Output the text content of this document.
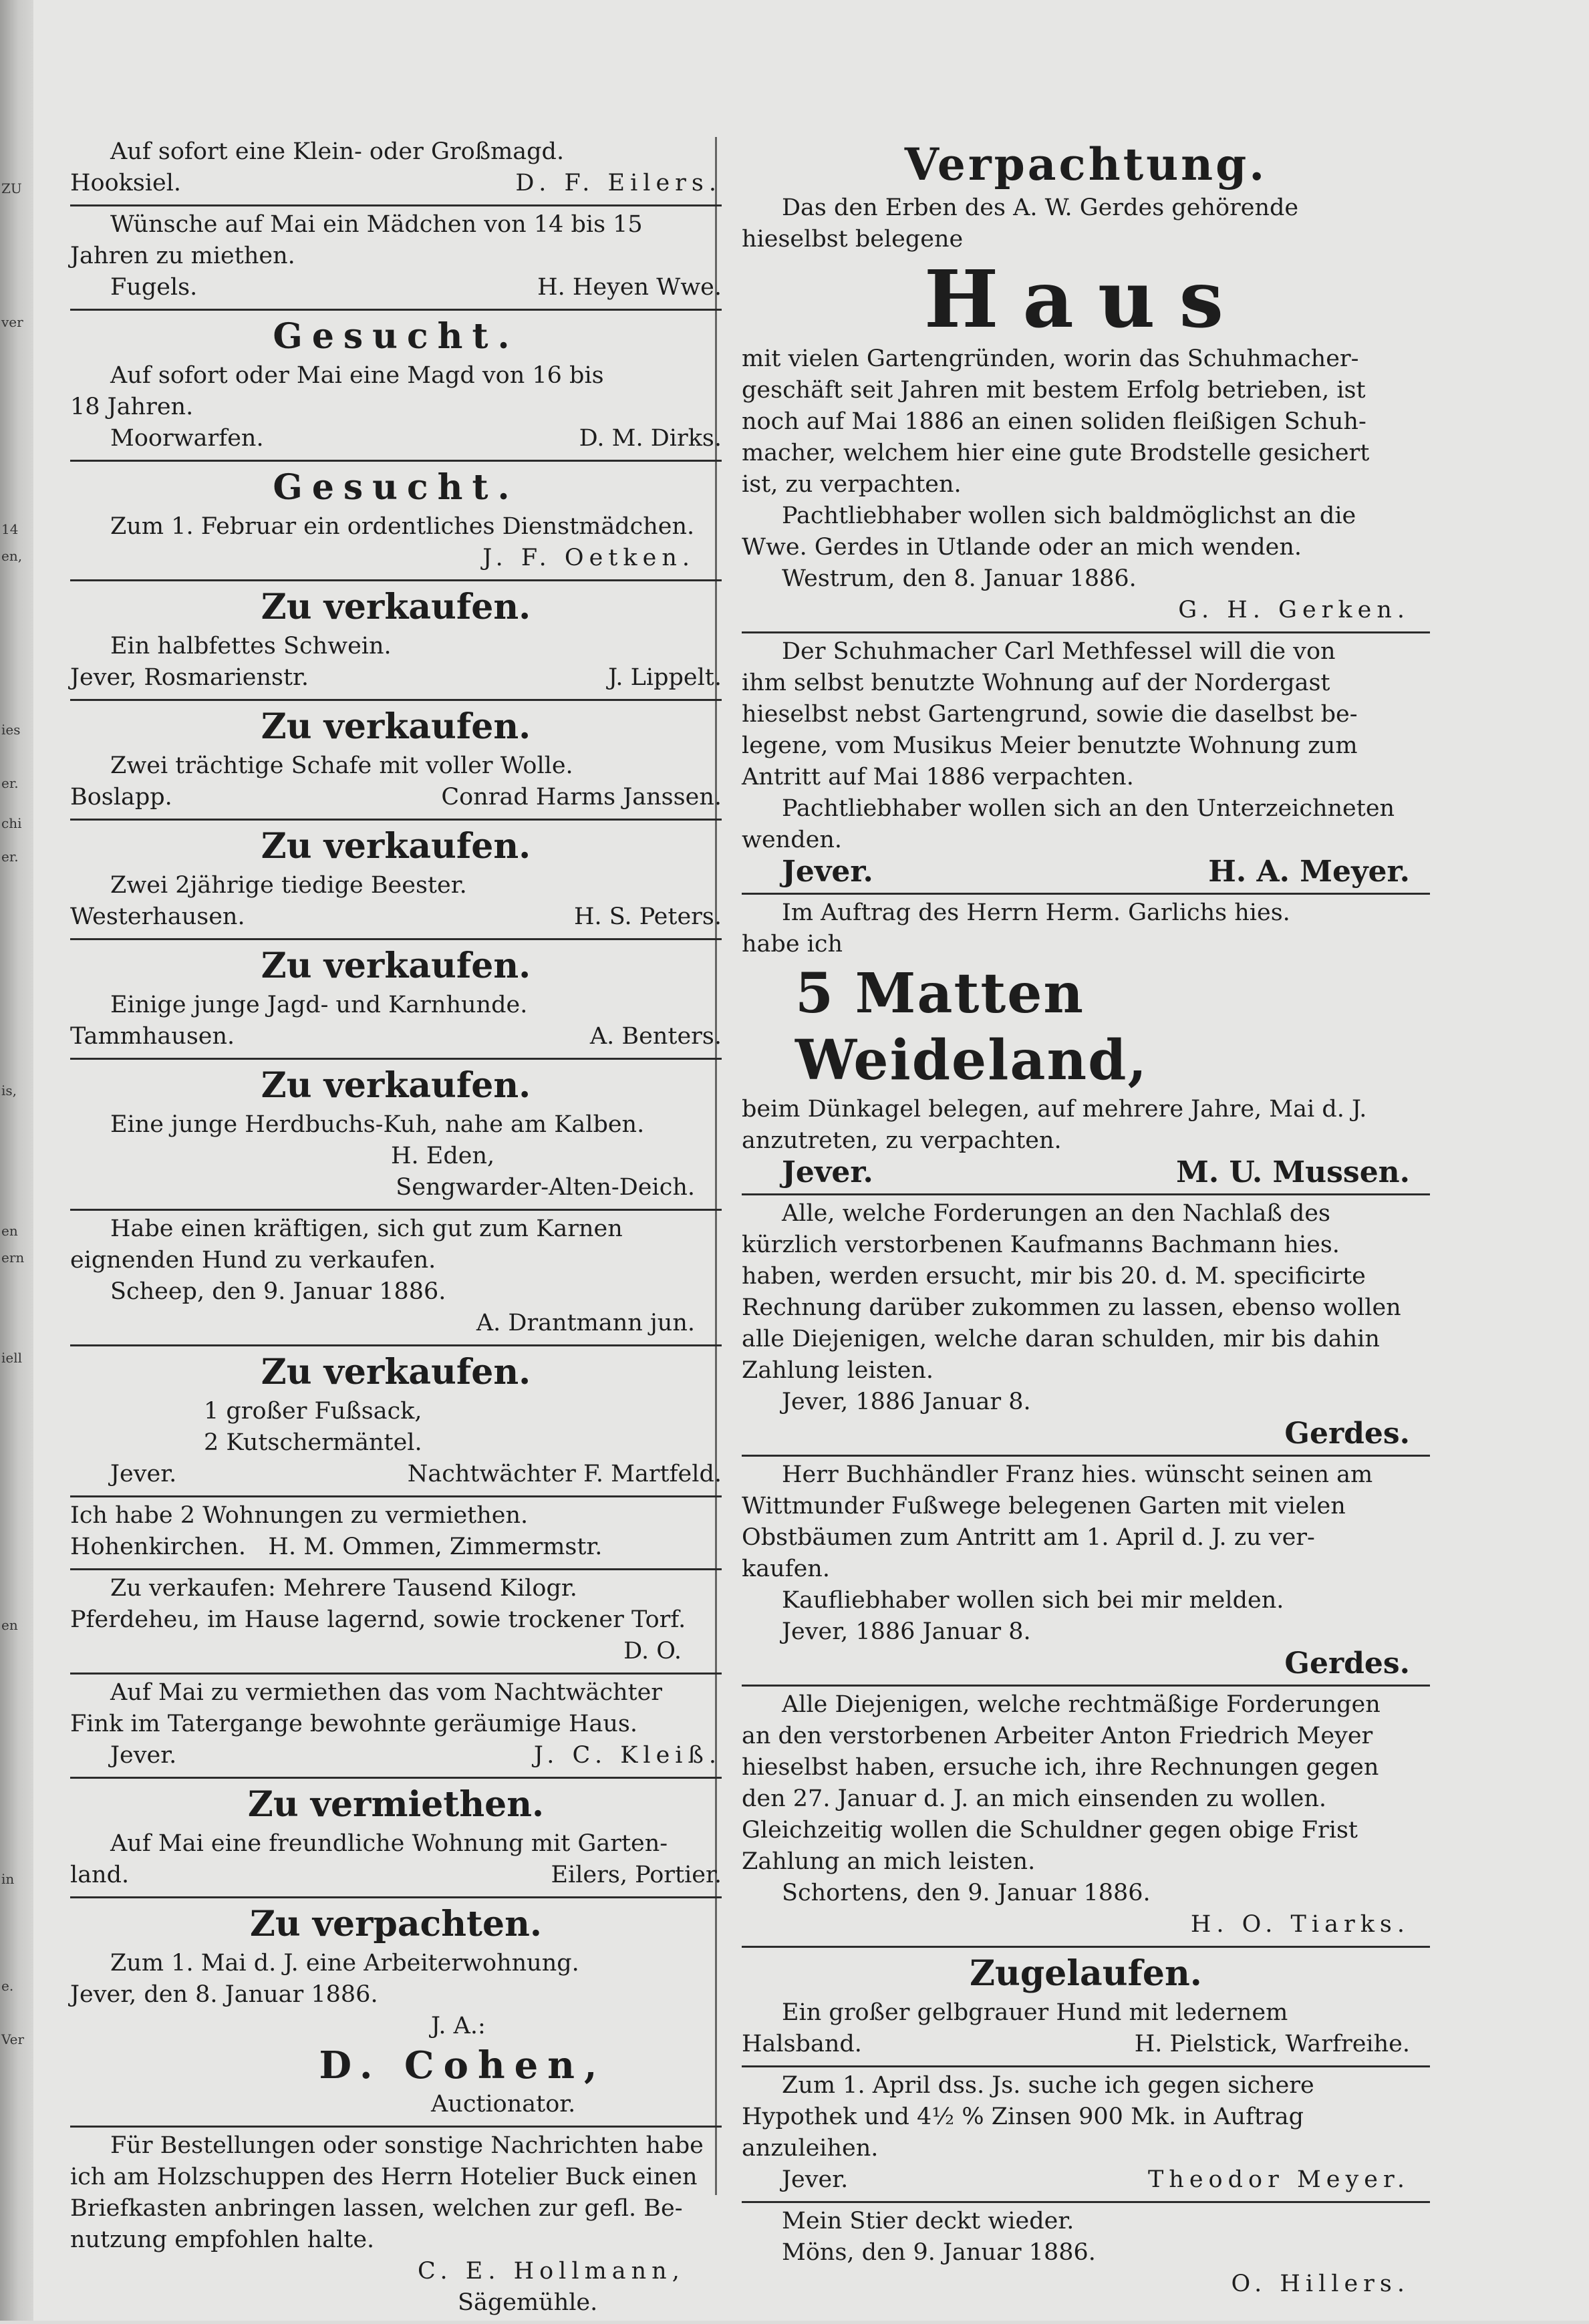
ZU
ver
14
en,
ies
er.
chi
er.
is,
en
ern
iell
en
in
e.
Ver
Auf sofort eine Klein- oder Großmagd.
Hooksiel.	D. F. Eilers.
Wünsche auf Mai ein Mädchen von 14 bis 15
Jahren zu miethen.
Fugels.	H. Heyen Wwe.
Gesucht.
Auf sofort oder Mai eine Magd von 16 bis
18 Jahren.
Moorwarfen.	D. M. Dirks.
Gesucht.
Zum 1. Februar ein ordentliches Dienstmädchen.
J. F. Oetken.
Zu verkaufen.
Ein halbfettes Schwein.
Jever, Rosmarienstr.	J. Lippelt.
Zu verkaufen.
Zwei trächtige Schafe mit voller Wolle.
Boslapp.	Conrad Harms Janssen.
Zu verkaufen.
Zwei 2jährige tiedige Beester.
Westerhausen.	H. S. Peters.
Zu verkaufen.
Einige junge Jagd- und Karnhunde.
Tammhausen.	A. Benters.
Zu verkaufen.
Eine junge Herdbuchs-Kuh, nahe am Kalben.
H. Eden,
Sengwarder-Alten-Deich.
Habe einen kräftigen, sich gut zum Karnen
eignenden Hund zu verkaufen.
Scheep, den 9. Januar 1886.
A. Drantmann jun.
Zu verkaufen.
1 großer Fußsack,
2 Kutschermäntel.
Jever.	Nachtwächter F. Martfeld.
Ich habe 2 Wohnungen zu vermiethen.
Hohenkirchen.   H. M. Ommen, Zimmermstr.
Zu verkaufen: Mehrere Tausend Kilogr.
Pferdeheu, im Hause lagernd, sowie trockener Torf.
D. O.
Auf Mai zu vermiethen das vom Nachtwächter
Fink im Tatergange bewohnte geräumige Haus.
Jever.	J. C. Kleiß.
Zu vermiethen.
Auf Mai eine freundliche Wohnung mit Garten-
land.	Eilers, Portier.
Zu verpachten.
Zum 1. Mai d. J. eine Arbeiterwohnung.
Jever, den 8. Januar 1886.
J. A.:
D. Cohen,
Auctionator.
Für Bestellungen oder sonstige Nachrichten habe
ich am Holzschuppen des Herrn Hotelier Buck einen
Briefkasten anbringen lassen, welchen zur gefl. Be-
nutzung empfohlen halte.
C. E. Hollmann,
Sägemühle.
Verpachtung.
Das den Erben des A. W. Gerdes gehörende
hieselbst belegene
Haus
mit vielen Gartengründen, worin das Schuhmacher-
geschäft seit Jahren mit bestem Erfolg betrieben, ist
noch auf Mai 1886 an einen soliden fleißigen Schuh-
macher, welchem hier eine gute Brodstelle gesichert
ist, zu verpachten.
Pachtliebhaber wollen sich baldmöglichst an die
Wwe. Gerdes in Utlande oder an mich wenden.
Westrum, den 8. Januar 1886.
G. H. Gerken.
Der Schuhmacher Carl Methfessel will die von
ihm selbst benutzte Wohnung auf der Nordergast
hieselbst nebst Gartengrund, sowie die daselbst be-
legene, vom Musikus Meier benutzte Wohnung zum
Antritt auf Mai 1886 verpachten.
Pachtliebhaber wollen sich an den Unterzeichneten
wenden.
Jever.	H. A. Meyer.
Im Auftrag des Herrn Herm. Garlichs hies.
habe ich
5 Matten Weideland,
beim Dünkagel belegen, auf mehrere Jahre, Mai d. J.
anzutreten, zu verpachten.
Jever.	M. U. Mussen.
Alle, welche Forderungen an den Nachlaß des
kürzlich verstorbenen Kaufmanns Bachmann hies.
haben, werden ersucht, mir bis 20. d. M. specificirte
Rechnung darüber zukommen zu lassen, ebenso wollen
alle Diejenigen, welche daran schulden, mir bis dahin
Zahlung leisten.
Jever, 1886 Januar 8.
Gerdes.
Herr Buchhändler Franz hies. wünscht seinen am
Wittmunder Fußwege belegenen Garten mit vielen
Obstbäumen zum Antritt am 1. April d. J. zu ver-
kaufen.
Kaufliebhaber wollen sich bei mir melden.
Jever, 1886 Januar 8.
Gerdes.
Alle Diejenigen, welche rechtmäßige Forderungen
an den verstorbenen Arbeiter Anton Friedrich Meyer
hieselbst haben, ersuche ich, ihre Rechnungen gegen
den 27. Januar d. J. an mich einsenden zu wollen.
Gleichzeitig wollen die Schuldner gegen obige Frist
Zahlung an mich leisten.
Schortens, den 9. Januar 1886.
H. O. Tiarks.
Zugelaufen.
Ein großer gelbgrauer Hund mit ledernem
Halsband.	H. Pielstick, Warfreihe.
Zum 1. April dss. Js. suche ich gegen sichere
Hypothek und 4½ % Zinsen 900 Mk. in Auftrag
anzuleihen.
Jever.	Theodor Meyer.
Mein Stier deckt wieder.
Möns, den 9. Januar 1886.
O. Hillers.
